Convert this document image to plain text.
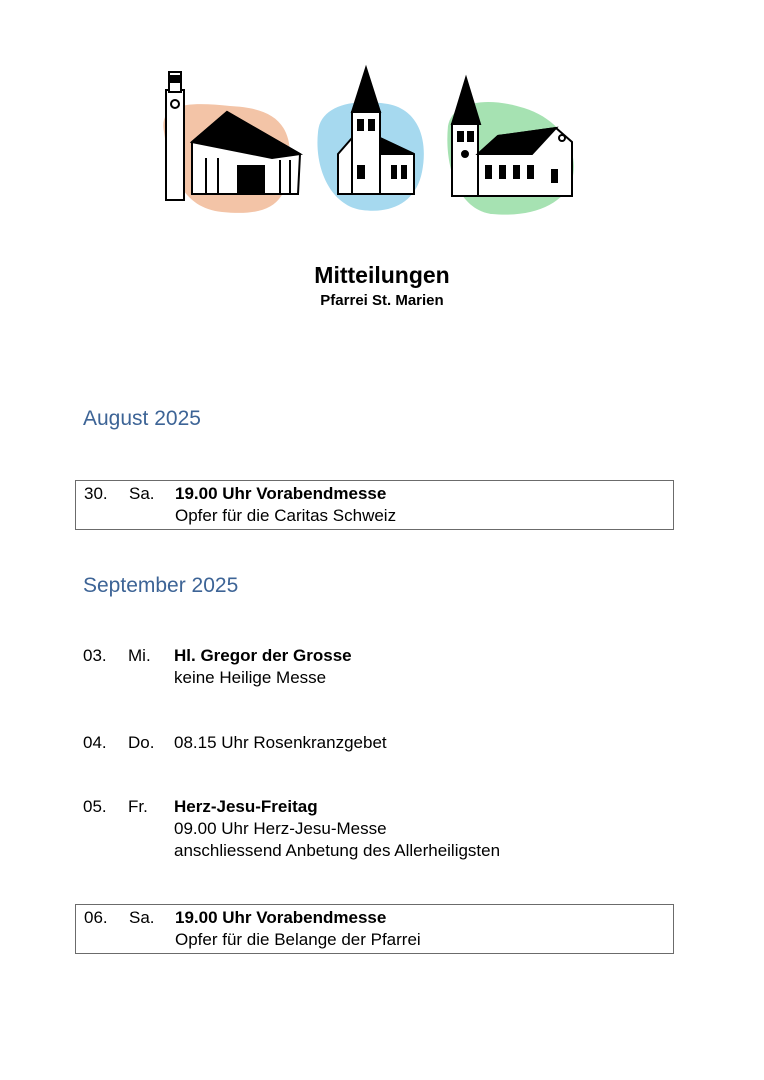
Mitteilungen
Pfarrei St. Marien
August 2025
30. Sa. 19.00 Uhr Vorabendmesse
Opfer für die Caritas Schweiz
September 2025
03. Mi. Hl. Gregor der Grosse
keine Heilige Messe
04. Do. 08.15 Uhr Rosenkranzgebet
05. Fr. Herz-Jesu-Freitag
09.00 Uhr Herz-Jesu-Messe
anschliessend Anbetung des Allerheiligsten
06. Sa. 19.00 Uhr Vorabendmesse
Opfer für die Belange der Pfarrei
